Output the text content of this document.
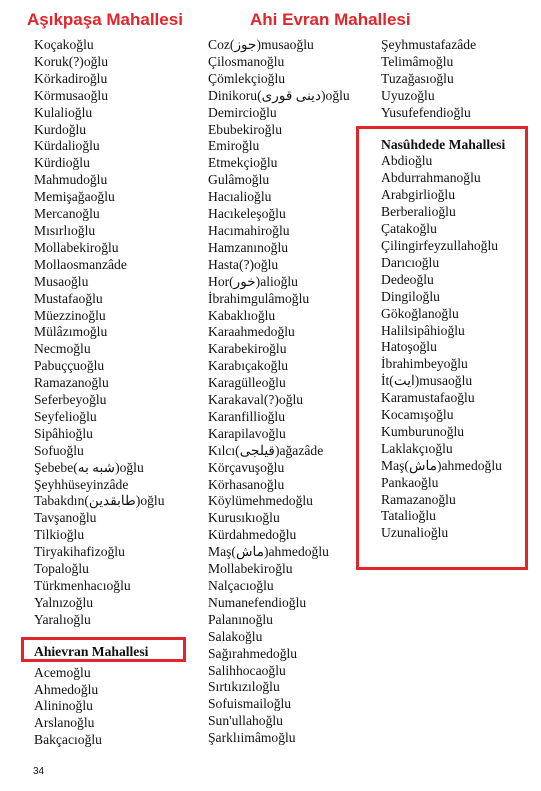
Aşıkpaşa Mahallesi	Ahi Evran Mahallesi
Koçakoğlu
Koruk(?)oğlu
Körkadiroğlu
Körmusaoğlu
Kulalioğlu
Kurdoğlu
Kürdalioğlu
Kürdioğlu
Mahmudoğlu
Memişağaoğlu
Mercanoğlu
Mısırlıoğlu
Mollabekiroğlu
Mollaosmanzâde
Musaoğlu
Mustafaoğlu
Müezzinoğlu
Mülâzımoğlu
Necmoğlu
Pabuççuoğlu
Ramazanoğlu
Seferbeyoğlu
Seyfelioğlu
Sipâhioğlu
Sofuoğlu
Şebebe(شبه به)oğlu
Şeyhhüseyinzâde
Tabakdın(طابقدين)oğlu
Tavşanoğlu
Tilkioğlu
Tiryakihafizoğlu
Topaloğlu
Türkmenhacıoğlu
Yalnızoğlu
Yaralıoğlu
Ahievran Mahallesi
Acemoğlu
Ahmedoğlu
Alininoğlu
Arslanoğlu
Bakçacıoğlu
Coz(جوز)musaoğlu
Çilosmanoğlu
Çömlekçioğlu
Dinikoru(دينى قورى)oğlu
Demircioğlu
Ebubekiroğlu
Emiroğlu
Etmekçioğlu
Gulâmoğlu
Hacıalioğlu
Hacıkeleşoğlu
Hacımahiroğlu
Hamzanınoğlu
Hasta(?)oğlu
Hor(خور)alioğlu
İbrahimgulâmoğlu
Kabaklıoğlu
Karaahmedoğlu
Karabekiroğlu
Karabıçakoğlu
Karagülleoğlu
Karakaval(?)oğlu
Karanfillioğlu
Karapilavoğlu
Kılcı(قيلجى)ağazâde
Körçavuşoğlu
Körhasanoğlu
Köylümehmedoğlu
Kurusıkıoğlu
Kürdahmedoğlu
Maş(ماش)ahmedoğlu
Mollabekiroğlu
Nalçacıoğlu
Numanefendioğlu
Palanınoğlu
Salakoğlu
Sağırahmedoğlu
Salihhocaoğlu
Sırtıkızıloğlu
Sofuismailoğlu
Sun'ullahoğlu
Şarklıimâmoğlu
Şeyhmustafazâde
Telimâmoğlu
Tuzağasıoğlu
Uyuzoğlu
Yusufefendioğlu
Nasûhdede Mahallesi
Abdioğlu
Abdurrahmanoğlu
Arabgirlioğlu
Berberalioğlu
Çatakoğlu
Çilingirfeyzullahoğlu
Darıcıoğlu
Dedeoğlu
Dingiloğlu
Gökoğlanoğlu
Halilsipâhioğlu
Hatoşoğlu
İbrahimbeyoğlu
İt(ايت)musaoğlu
Karamustafaoğlu
Kocamışoğlu
Kumburunoğlu
Laklakçıoğlu
Maş(ماش)ahmedoğlu
Pankaoğlu
Ramazanoğlu
Tatalioğlu
Uzunalioğlu
34
